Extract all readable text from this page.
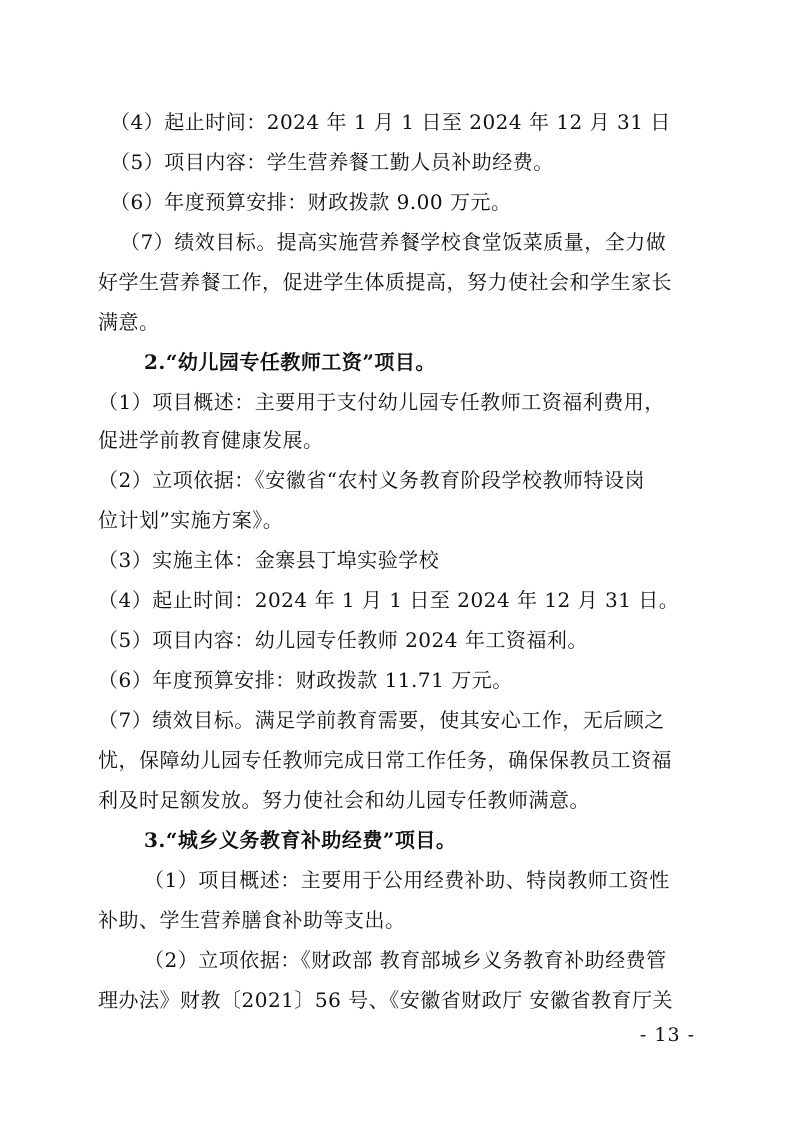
（4）起止时间：2024 年 1 月 1 日至 2024 年 12 月 31 日
（5）项目内容：学生营养餐工勤人员补助经费。
（6）年度预算安排：财政拨款 9.00 万元。
（7）绩效目标。提高实施营养餐学校食堂饭菜质量，全力做
好学生营养餐工作，促进学生体质提高，努力使社会和学生家长
满意。
2.“幼儿园专任教师工资”项目。
（1）项目概述：主要用于支付幼儿园专任教师工资福利费用，
促进学前教育健康发展。
（2）立项依据：《安徽省“农村义务教育阶段学校教师特设岗
位计划”实施方案》。
（3）实施主体：金寨县丁埠实验学校
（4）起止时间：2024 年 1 月 1 日至 2024 年 12 月 31 日。
（5）项目内容：幼儿园专任教师 2024 年工资福利。
（6）年度预算安排：财政拨款 11.71 万元。
（7）绩效目标。满足学前教育需要，使其安心工作，无后顾之
忧，保障幼儿园专任教师完成日常工作任务，确保保教员工资福
利及时足额发放。努力使社会和幼儿园专任教师满意。
3.“城乡义务教育补助经费”项目。
（1）项目概述：主要用于公用经费补助、特岗教师工资性
补助、学生营养膳食补助等支出。
（2）立项依据：《财政部 教育部城乡义务教育补助经费管
理办法》财教〔2021〕56 号、《安徽省财政厅 安徽省教育厅关
- 13 -
